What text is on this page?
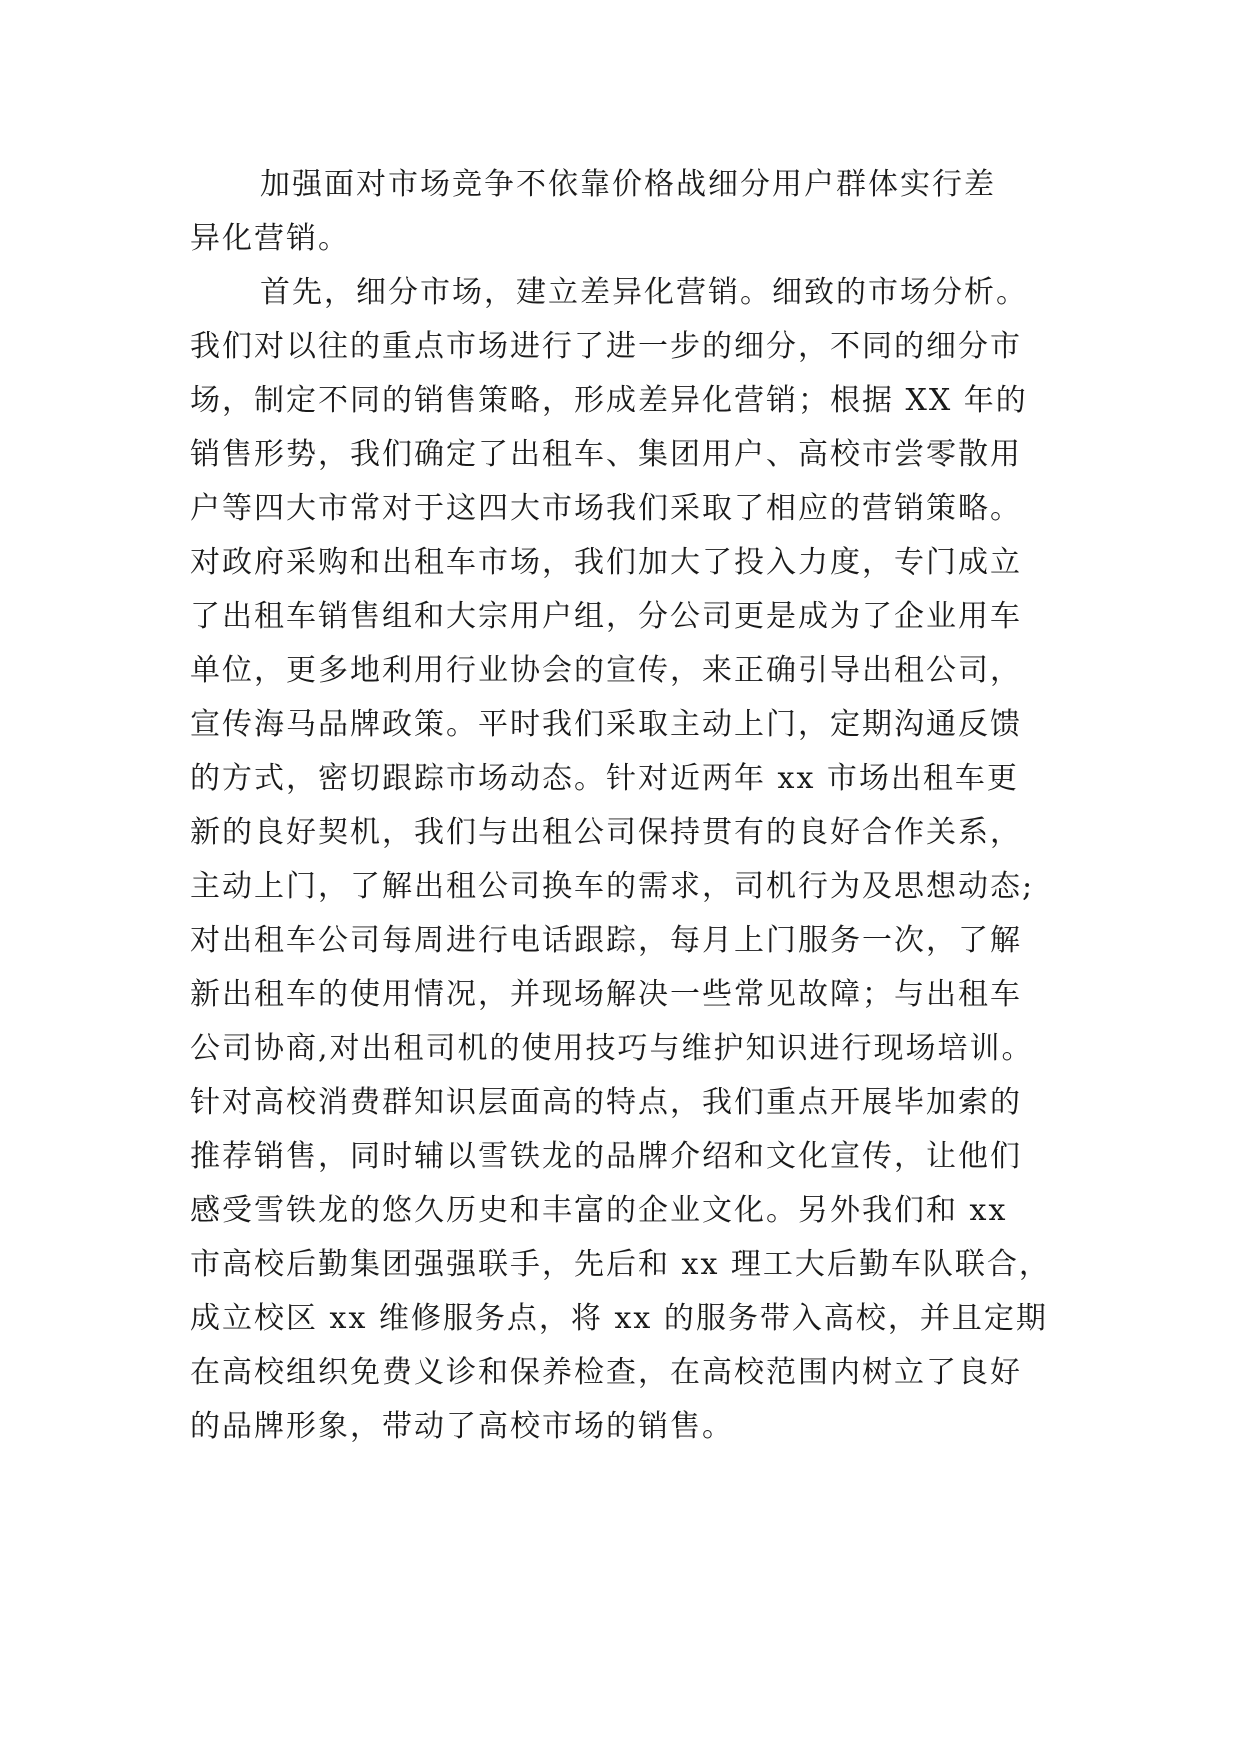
加强面对市场竞争不依靠价格战细分用户群体实行差
异化营销。
首先，细分市场，建立差异化营销。细致的市场分析。
我们对以往的重点市场进行了进一步的细分，不同的细分市
场，制定不同的销售策略，形成差异化营销；根据 XX 年的
销售形势，我们确定了出租车、集团用户、高校市尝零散用
户等四大市常对于这四大市场我们采取了相应的营销策略。
对政府采购和出租车市场，我们加大了投入力度，专门成立
了出租车销售组和大宗用户组，分公司更是成为了企业用车
单位，更多地利用行业协会的宣传，来正确引导出租公司，
宣传海马品牌政策。平时我们采取主动上门，定期沟通反馈
的方式，密切跟踪市场动态。针对近两年 xx 市场出租车更
新的良好契机，我们与出租公司保持贯有的良好合作关系，
主动上门，了解出租公司换车的需求，司机行为及思想动态;
对出租车公司每周进行电话跟踪，每月上门服务一次，了解
新出租车的使用情况，并现场解决一些常见故障；与出租车
公司协商,对出租司机的使用技巧与维护知识进行现场培训。
针对高校消费群知识层面高的特点，我们重点开展毕加索的
推荐销售，同时辅以雪铁龙的品牌介绍和文化宣传，让他们
感受雪铁龙的悠久历史和丰富的企业文化。另外我们和 xx
市高校后勤集团强强联手，先后和 xx 理工大后勤车队联合，
成立校区 xx 维修服务点，将 xx 的服务带入高校，并且定期
在高校组织免费义诊和保养检查，在高校范围内树立了良好
的品牌形象，带动了高校市场的销售。
